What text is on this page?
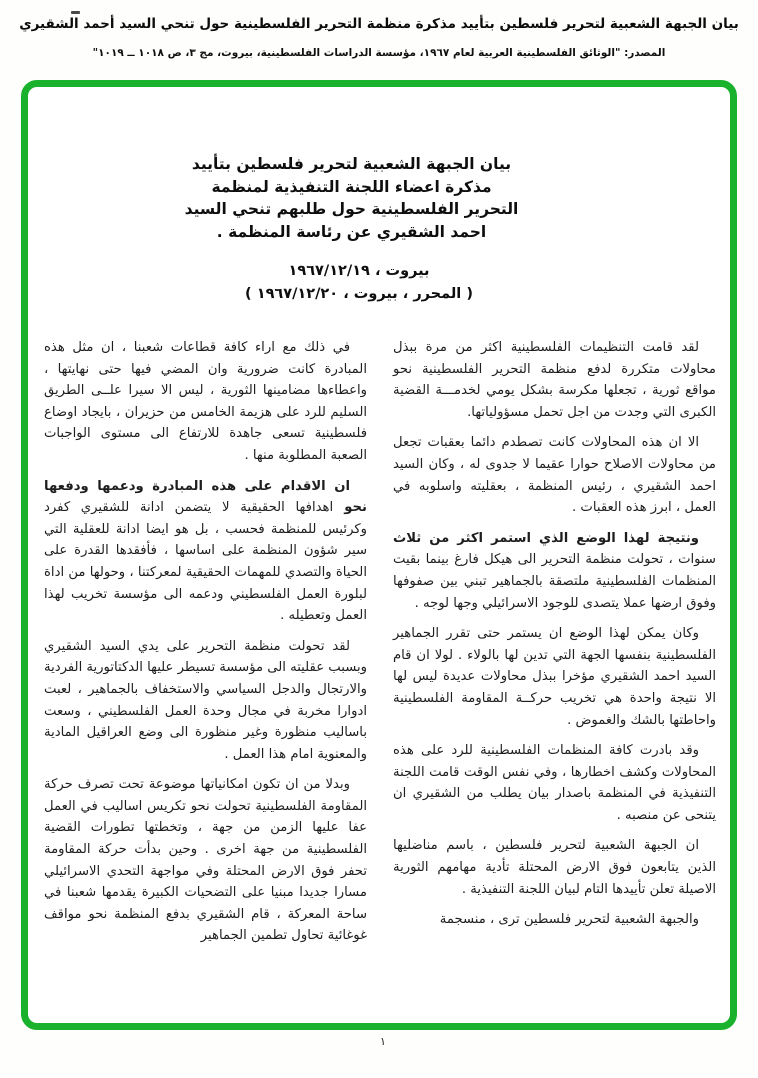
بيان الجبهة الشعبية لتحرير فلسطين بتأييد مذكرة منظمة التحرير الفلسطينية حول تنحي السيد أحمد الشقيري
المصدر: "الوثائق الفلسطينية العربية لعام ١٩٦٧، مؤسسة الدراسات الفلسطينية، بيروت، مج ٣، ص ١٠١٨ ــ ١٠١٩"
بيان الجبهة الشعبية لتحرير فلسطين بتأييد
مذكرة اعضاء اللجنة التنفيذية لمنظمة
التحرير الفلسطينية حول طلبهم تنحي السيد
احمد الشقيري عن رئاسة المنظمة .
بيروت ، ١٩٦٧/١٢/١٩
( المحرر ، بيروت ، ١٩٦٧/١٢/٢٠ )

لقد قامت التنظيمات الفلسطينية اكثر من مرة ببذل محاولات متكررة لدفع منظمة التحرير الفلسطينية نحو مواقع ثورية ، تجعلها مكرسة بشكل يومي لخدمـــة القضية الكبرى التي وجدت من اجل تحمل مسؤولياتها.

الا ان هذه المحاولات كانت تصطدم دائما بعقبات تجعل من محاولات الاصلاح حوارا عقيما لا جدوى له ، وكان السيد احمد الشقيري ، رئيس المنظمة ، بعقليته واسلوبه في العمل ، ابرز هذه العقبات .

ونتيجة لهذا الوضع الذي استمر اكثر من ثلاث سنوات ، تحولت منظمة التحرير الى هيكل فارغ بينما بقيت المنظمات الفلسطينية ملتصقة بالجماهير تبني بين صفوفها وفوق ارضها عملا يتصدى للوجود الاسرائيلي وجها لوجه .

وكان يمكن لهذا الوضع ان يستمر حتى تقرر الجماهير الفلسطينية بنفسها الجهة التي تدين لها بالولاء . لولا ان قام السيد احمد الشقيري مؤخرا ببذل محاولات عديدة ليس لها الا نتيجة واحدة هي تخريب حركــة المقاومة الفلسطينية واحاطتها بالشك والغموض .

وقد بادرت كافة المنظمات الفلسطينية للرد على هذه المحاولات وكشف اخطارها ، وفي نفس الوقت قامت اللجنة التنفيذية في المنظمة باصدار بيان يطلب من الشقيري ان يتنحى عن منصبه .

ان الجبهة الشعبية لتحرير فلسطين ، باسم مناضليها الذين يتابعون فوق الارض المحتلة تأدية مهامهم الثورية الاصيلة تعلن تأييدها التام لبيان اللجنة التنفيذية .

والجبهة الشعبية لتحرير فلسطين ترى ، منسجمة

في ذلك مع اراء كافة قطاعات شعبنا ، ان مثل هذه المبادرة كانت ضرورية وان المضي فيها حتى نهايتها ، واعطاءها مضامينها الثورية ، ليس الا سيرا علــى الطريق السليم للرد على هزيمة الخامس من حزيران ، بايجاد اوضاع فلسطينية تسعى جاهدة للارتفاع الى مستوى الواجبات الصعبة المطلوبة منها .

ان الاقدام على هذه المبادرة ودعمها ودفعها نحو اهدافها الحقيقية لا يتضمن ادانة للشقيري كفرد وكرئيس للمنظمة فحسب ، بل هو ايضا ادانة للعقلية التي سير شؤون المنظمة على اساسها ، فأفقدها القدرة على الحياة والتصدي للمهمات الحقيقية لمعركتنا ، وحولها من اداة لبلورة العمل الفلسطيني ودعمه الى مؤسسة تخريب لهذا العمل وتعطيله .

لقد تحولت منظمة التحرير على يدي السيد الشقيري وبسبب عقليته الى مؤسسة تسيطر عليها الدكتاتورية الفردية والارتجال والدجل السياسي والاستخفاف بالجماهير ، لعبت ادوارا مخربة في مجال وحدة العمل الفلسطيني ، وسعت باساليب منظورة وغير منظورة الى وضع العراقيل المادية والمعنوية امام هذا العمل .

وبدلا من ان تكون امكانياتها موضوعة تحت تصرف حركة المقاومة الفلسطينية تحولت نحو تكريس اساليب في العمل عفا عليها الزمن من جهة ، وتخطتها تطورات القضية الفلسطينية من جهة اخرى . وحين بدأت حركة المقاومة تحفر فوق الارض المحتلة وفي مواجهة التحدي الاسرائيلي مسارا جديدا مبنيا على التضحيات الكبيرة يقدمها شعبنا في ساحة المعركة ، قام الشقيري بدفع المنظمة نحو مواقف غوغائية تحاول تطمين الجماهير

١
